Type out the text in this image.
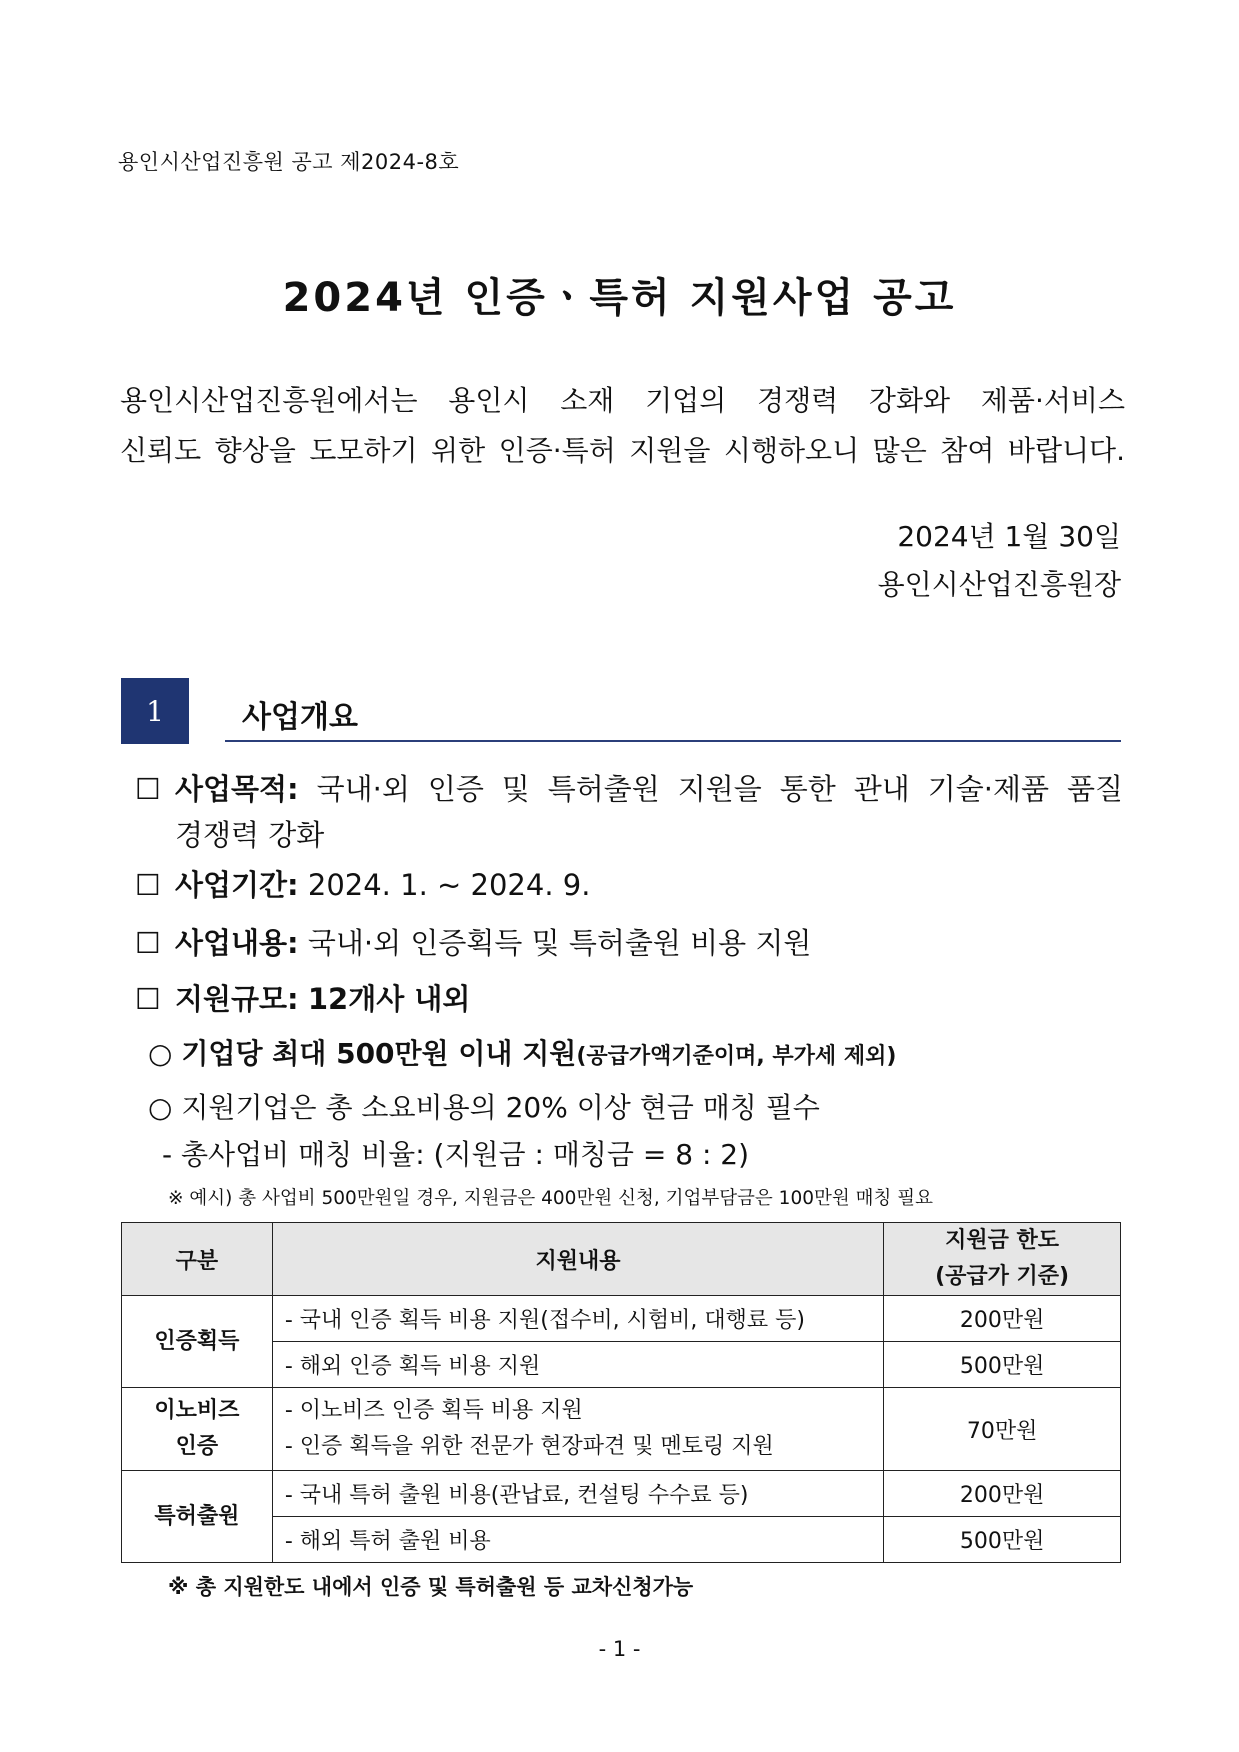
용인시산업진흥원 공고 제2024-8호
2024년 인증ㆍ특허 지원사업 공고
용인시산업진흥원에서는 용인시 소재 기업의 경쟁력 강화와 제품·서비스
신뢰도 향상을 도모하기 위한 인증·특허 지원을 시행하오니 많은 참여 바랍니다.
2024년 1월 30일
용인시산업진흥원장
1	사업개요
☐ 사업목적: 국내·외 인증 및 특허출원 지원을 통한 관내 기술·제품 품질
경쟁력 강화
☐ 사업기간: 2024. 1. ~ 2024. 9.
☐ 사업내용: 국내·외 인증획득 및 특허출원 비용 지원
☐ 지원규모: 12개사 내외
○ 기업당 최대 500만원 이내 지원(공급가액기준이며, 부가세 제외)
○ 지원기업은 총 소요비용의 20% 이상 현금 매칭 필수
- 총사업비 매칭 비율: (지원금 : 매칭금 = 8 : 2)
※ 예시) 총 사업비 500만원일 경우, 지원금은 400만원 신청, 기업부담금은 100만원 매칭 필요
구분	지원내용	지원금 한도
(공급가 기준)

인증획득	- 국내 인증 획득 비용 지원(접수비, 시험비, 대행료 등)	200만원
	- 해외 인증 획득 비용 지원	500만원

이노비즈
인증	- 이노비즈 인증 획득 비용 지원
- 인증 획득을 위한 전문가 현장파견 및 멘토링 지원	70만원
특허출원	- 국내 특허 출원 비용(관납료, 컨설팅 수수료 등)	200만원
	- 해외 특허 출원 비용	500만원
※ 총 지원한도 내에서 인증 및 특허출원 등 교차신청가능
- 1 -
